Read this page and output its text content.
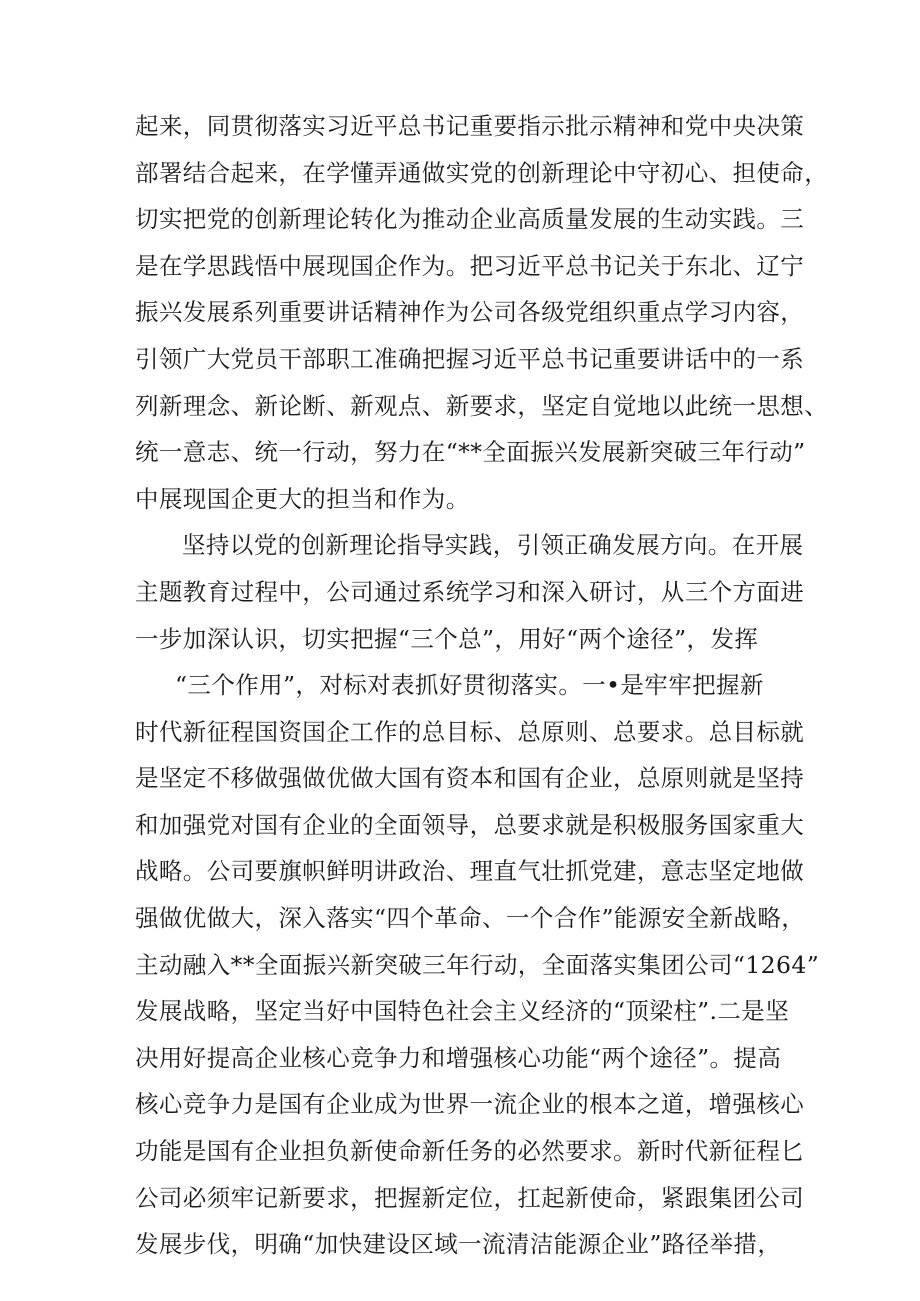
起来，同贯彻落实习近平总书记重要指示批示精神和党中央决策
部署结合起来，在学懂弄通做实党的创新理论中守初心、担使命，
切实把党的创新理论转化为推动企业高质量发展的生动实践。三
是在学思践悟中展现国企作为。把习近平总书记关于东北、辽宁
振兴发展系列重要讲话精神作为公司各级党组织重点学习内容，
引领广大党员干部职工准确把握习近平总书记重要讲话中的一系
列新理念、新论断、新观点、新要求，坚定自觉地以此统一思想、
统一意志、统一行动，努力在“**全面振兴发展新突破三年行动”
中展现国企更大的担当和作为。
坚持以党的创新理论指导实践，引领正确发展方向。在开展
主题教育过程中，公司通过系统学习和深入研讨，从三个方面进
一步加深认识，切实把握“三个总”，用好“两个途径”，发挥
“三个作用”，对标对表抓好贯彻落实。一•是牢牢把握新
时代新征程国资国企工作的总目标、总原则、总要求。总目标就
是坚定不移做强做优做大国有资本和国有企业，总原则就是坚持
和加强党对国有企业的全面领导，总要求就是积极服务国家重大
战略。公司要旗帜鲜明讲政治、理直气壮抓党建，意志坚定地做
强做优做大，深入落实“四个革命、一个合作”能源安全新战略，
主动融入**全面振兴新突破三年行动，全面落实集团公司“1264”
发展战略，坚定当好中国特色社会主义经济的“顶梁柱”.二是坚
决用好提高企业核心竞争力和增强核心功能“两个途径”。提高
核心竞争力是国有企业成为世界一流企业的根本之道，增强核心
功能是国有企业担负新使命新任务的必然要求。新时代新征程匕
公司必须牢记新要求，把握新定位，扛起新使命，紧跟集团公司
发展步伐，明确“加快建设区域一流清洁能源企业”路径举措，
